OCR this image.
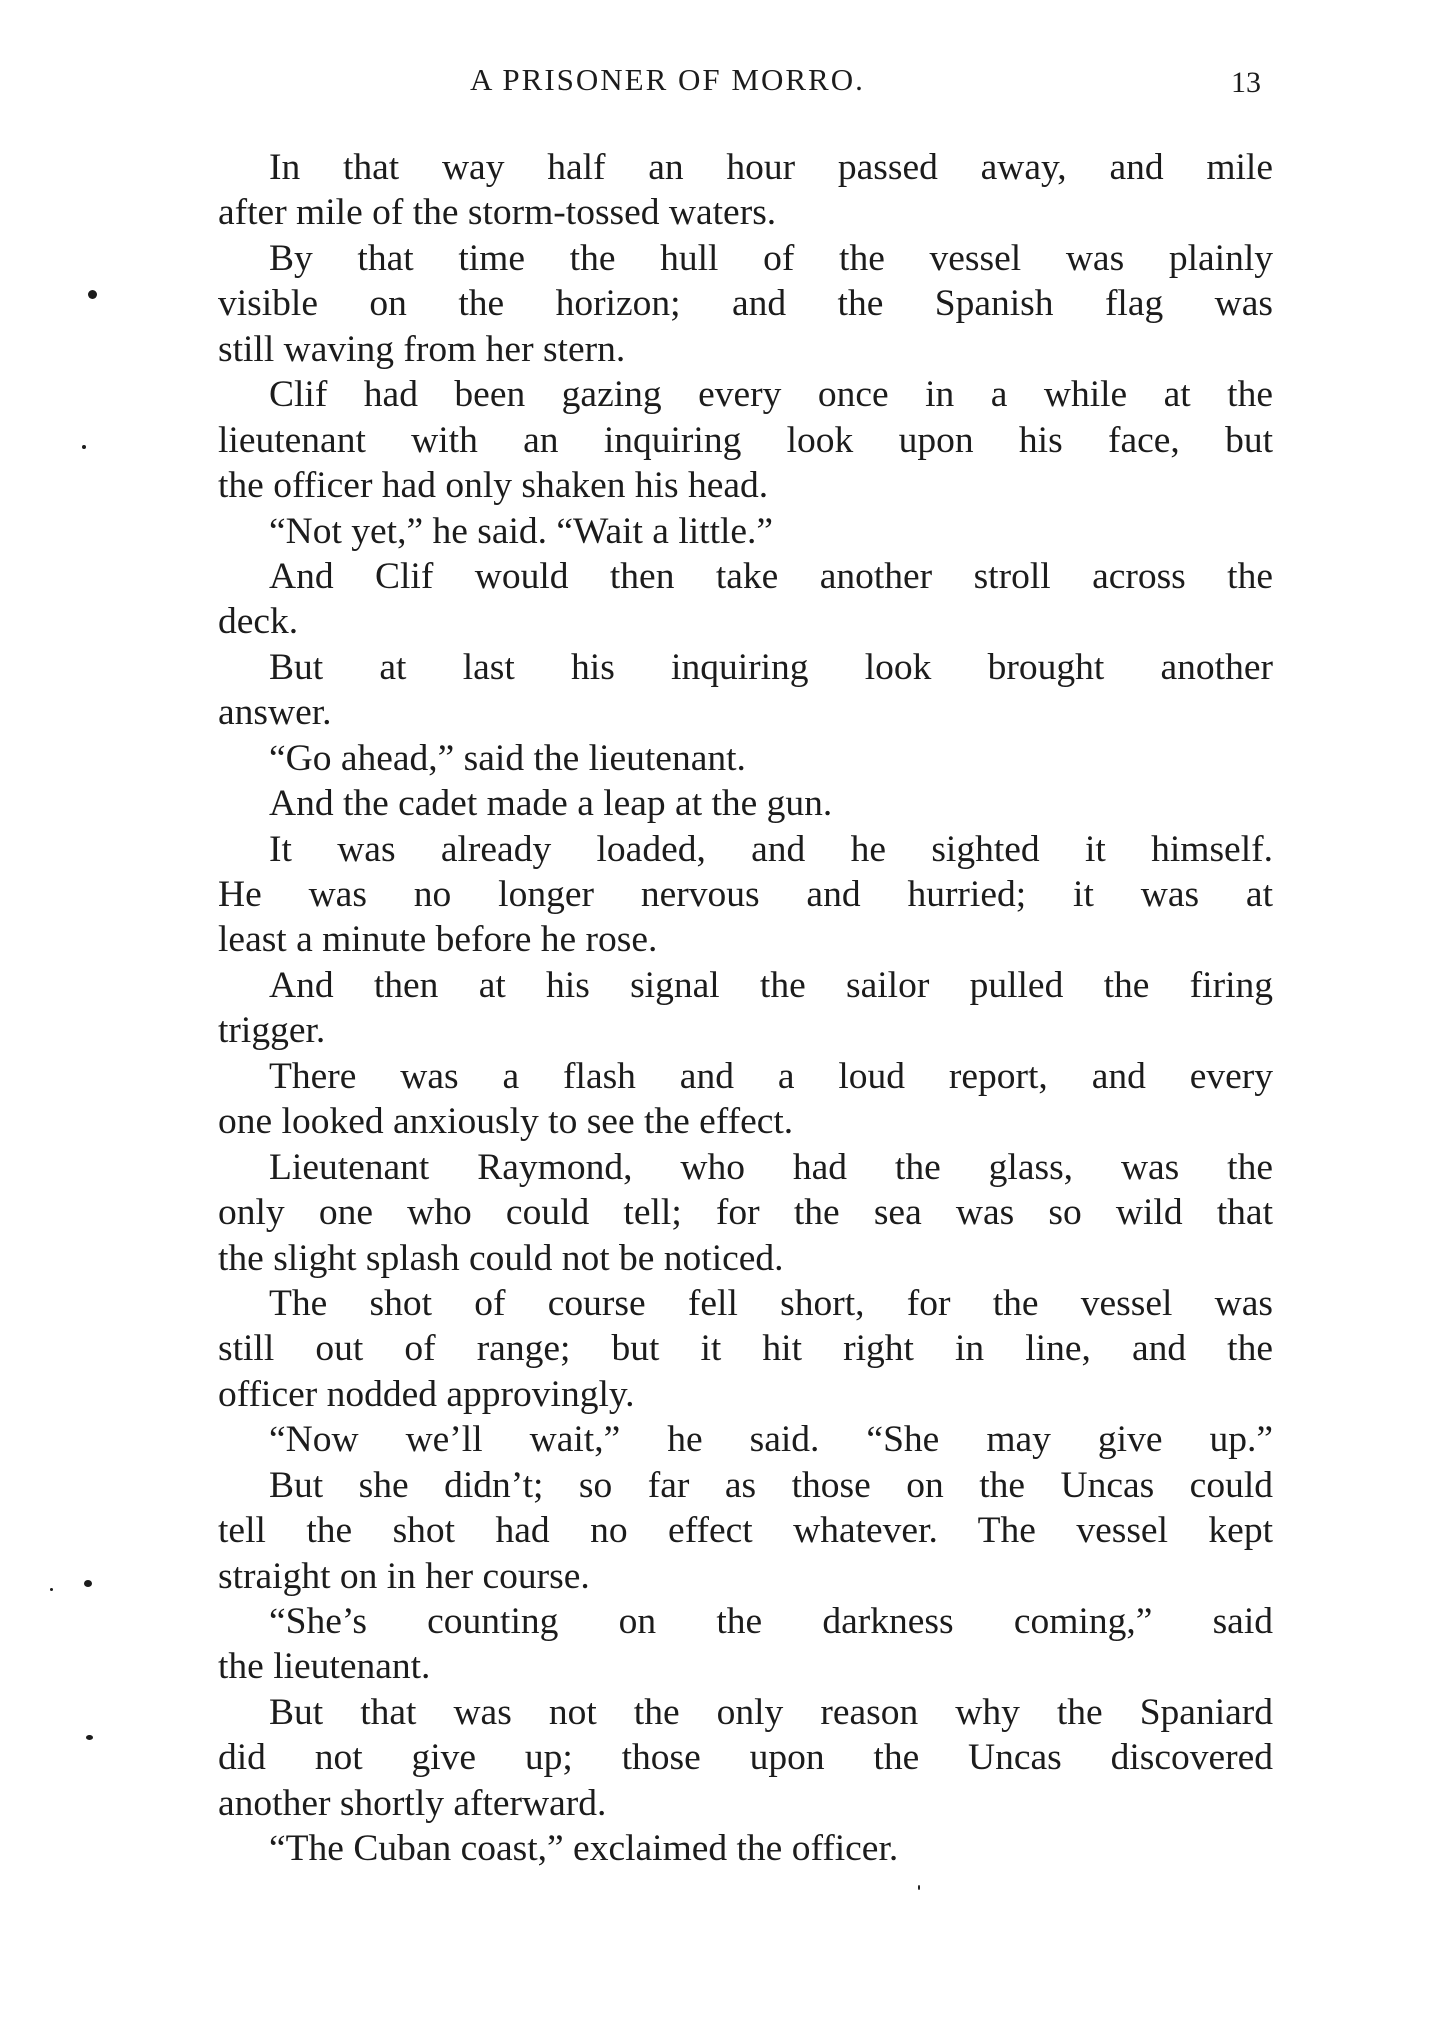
A PRISONER OF MORRO.	13
In that way half an hour passed away, and mile
after mile of the storm-tossed waters.
By that time the hull of the vessel was plainly
visible on the horizon; and the Spanish flag was
still waving from her stern.
Clif had been gazing every once in a while at the
lieutenant with an inquiring look upon his face, but
the officer had only shaken his head.
“Not yet,” he said. “Wait a little.”
And Clif would then take another stroll across the
deck.
But at last his inquiring look brought another
answer.
“Go ahead,” said the lieutenant.
And the cadet made a leap at the gun.
It was already loaded, and he sighted it himself.
He was no longer nervous and hurried; it was at
least a minute before he rose.
And then at his signal the sailor pulled the firing
trigger.
There was a flash and a loud report, and every
one looked anxiously to see the effect.
Lieutenant Raymond, who had the glass, was the
only one who could tell; for the sea was so wild that
the slight splash could not be noticed.
The shot of course fell short, for the vessel was
still out of range; but it hit right in line, and the
officer nodded approvingly.
“Now we’ll wait,” he said. “She may give up.”
But she didn’t; so far as those on the Uncas could
tell the shot had no effect whatever. The vessel kept
straight on in her course.
“She’s counting on the darkness coming,” said
the lieutenant.
But that was not the only reason why the Spaniard
did not give up; those upon the Uncas discovered
another shortly afterward.
“The Cuban coast,” exclaimed the officer.
